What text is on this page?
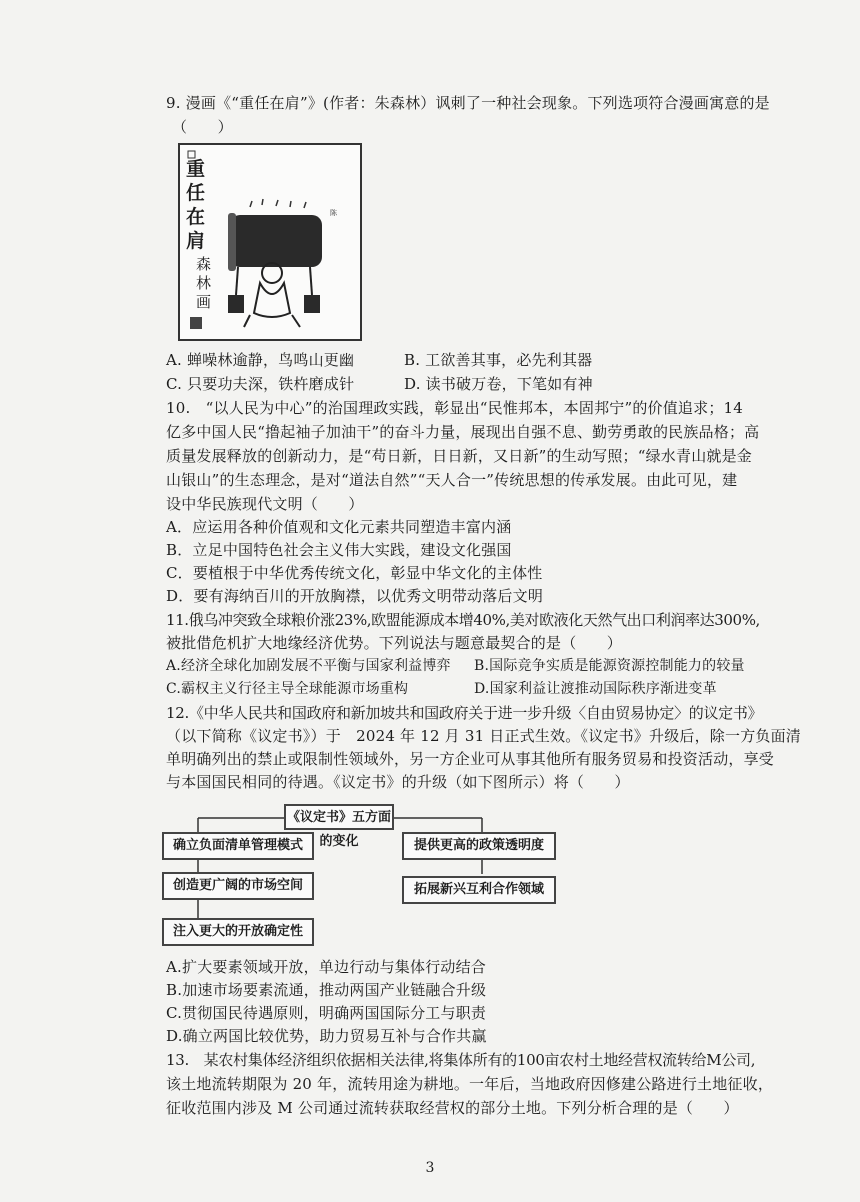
9. 漫画《“重任在肩”》(作者：朱森林）讽刺了一种社会现象。下列选项符合漫画寓意的是
（　　）
陈
重任在肩
森林画
A. 蝉噪林逾静，鸟鸣山更幽	B. 工欲善其事，必先利其器
C. 只要功夫深，铁杵磨成针	D. 读书破万卷，下笔如有神
10.　“以人民为中心”的治国理政实践，彰显出“民惟邦本，本固邦宁”的价值追求；14
亿多中国人民“撸起袖子加油干”的奋斗力量，展现出自强不息、勤劳勇敢的民族品格；高
质量发展释放的创新动力，是“苟日新，日日新，又日新”的生动写照；“绿水青山就是金
山银山”的生态理念，是对“道法自然”“天人合一”传统思想的传承发展。由此可见，建
设中华民族现代文明（　　）
A．应运用各种价值观和文化元素共同塑造丰富内涵
B．立足中国特色社会主义伟大实践，建设文化强国
C．要植根于中华优秀传统文化，彰显中华文化的主体性
D．要有海纳百川的开放胸襟，以优秀文明带动落后文明
11.俄乌冲突致全球粮价涨23%,欧盟能源成本增40%,美对欧液化天然气出口利润率达300%,
被批借危机扩大地缘经济优势。下列说法与题意最契合的是（　　）
A.经济全球化加剧发展不平衡与国家利益博弈 B.国际竞争实质是能源资源控制能力的较量
C.霸权主义行径主导全球能源市场重构	D.国家利益让渡推动国际秩序渐进变革
12.《中华人民共和国政府和新加坡共和国政府关于进一步升级〈自由贸易协定〉的议定书》
（以下简称《议定书》）于　2024 年 12 月 31 日正式生效。《议定书》升级后，除一方负面清
单明确列出的禁止或限制性领域外，另一方企业可从事其他所有服务贸易和投资活动，享受
与本国国民相同的待遇。《议定书》的升级（如下图所示）将（　　）
《议定书》五方面的变化
确立负面清单管理模式
创造更广阔的市场空间
注入更大的开放确定性
提供更高的政策透明度
拓展新兴互利合作领域
A.扩大要素领域开放，单边行动与集体行动结合
B.加速市场要素流通，推动两国产业链融合升级
C.贯彻国民待遇原则，明确两国国际分工与职责
D.确立两国比较优势，助力贸易互补与合作共赢
13.　某农村集体经济组织依据相关法律,将集体所有的100亩农村土地经营权流转给M公司,
该土地流转期限为 20 年，流转用途为耕地。一年后，当地政府因修建公路进行土地征收，
征收范围内涉及 M 公司通过流转获取经营权的部分土地。下列分析合理的是（　　）
3
